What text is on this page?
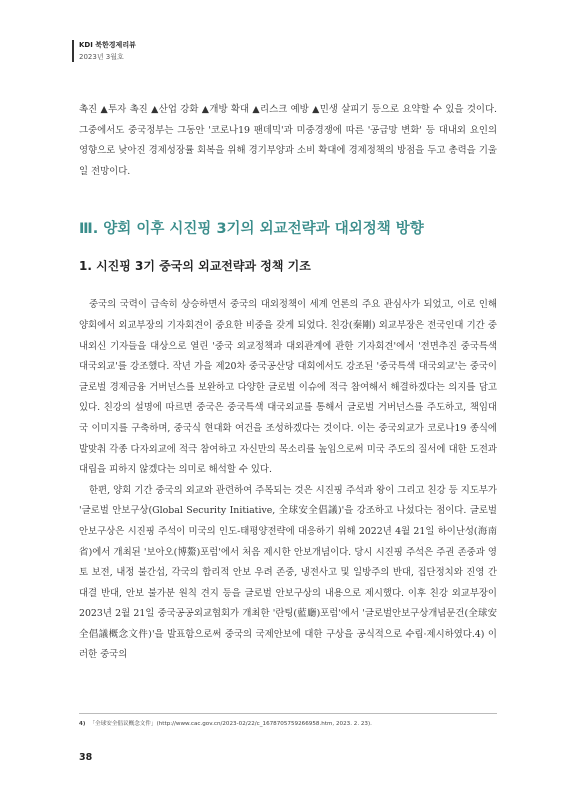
KDI 북한경제리뷰
2023년 3월호

촉진 ▲투자 촉진 ▲산업 강화 ▲개방 확대 ▲리스크 예방 ▲민생 살피기 등으로 요약할 수 있을 것이다. 그중에서도 중국정부는 그동안 '코로나19 팬데믹'과 미중경쟁에 따른 '공급망 변화' 등 대내외 요인의 영향으로 낮아진 경제성장률 회복을 위해 경기부양과 소비 확대에 경제정책의 방점을 두고 총력을 기울일 전망이다.

Ⅲ. 양회 이후 시진핑 3기의 외교전략과 대외정책 방향
1. 시진핑 3기 중국의 외교전략과 정책 기조

중국의 국력이 급속히 상승하면서 중국의 대외정책이 세계 언론의 주요 관심사가 되었고, 이로 인해 양회에서 외교부장의 기자회견이 중요한 비중을 갖게 되었다. 친강(秦剛) 외교부장은 전국인대 기간 중 내외신 기자들을 대상으로 열린 '중국 외교정책과 대외관계에 관한 기자회견'에서 '전면추진 중국특색 대국외교'를 강조했다. 작년 가을 제20차 중국공산당 대회에서도 강조된 '중국특색 대국외교'는 중국이 글로벌 경제금융 거버넌스를 보완하고 다양한 글로벌 이슈에 적극 참여해서 해결하겠다는 의지를 담고 있다. 친강의 설명에 따르면 중국은 중국특색 대국외교를 통해서 글로벌 거버넌스를 주도하고, 책임대국 이미지를 구축하며, 중국식 현대화 여건을 조성하겠다는 것이다. 이는 중국외교가 코로나19 종식에 발맞춰 각종 다자외교에 적극 참여하고 자신만의 목소리를 높임으로써 미국 주도의 질서에 대한 도전과 대립을 피하지 않겠다는 의미로 해석할 수 있다.

한편, 양회 기간 중국의 외교와 관련하여 주목되는 것은 시진핑 주석과 왕이 그리고 친강 등 지도부가 '글로벌 안보구상(Global Security Initiative, 全球安全倡議)'을 강조하고 나섰다는 점이다. 글로벌 안보구상은 시진핑 주석이 미국의 인도-태평양전략에 대응하기 위해 2022년 4월 21일 하이난성(海南省)에서 개최된 '보아오(博鰲)포럼'에서 처음 제시한 안보개념이다. 당시 시진핑 주석은 주권 존중과 영토 보전, 내정 불간섭, 각국의 합리적 안보 우려 존중, 냉전사고 및 일방주의 반대, 집단정치와 진영 간 대결 반대, 안보 불가분 원칙 견지 등을 글로벌 안보구상의 내용으로 제시했다. 이후 친강 외교부장이 2023년 2월 21일 중국공공외교협회가 개최한 '란팅(藍廳)포럼'에서 '글로벌안보구상개념문건(全球安全倡議概念文件)'을 발표함으로써 중국의 국제안보에 대한 구상을 공식적으로 수립·제시하였다.4) 이러한 중국의

4) 「全球安全倡议概念文件」(http://www.cac.gov.cn/2023-02/22/c_1678705759266958.htm, 2023. 2. 23).
38
